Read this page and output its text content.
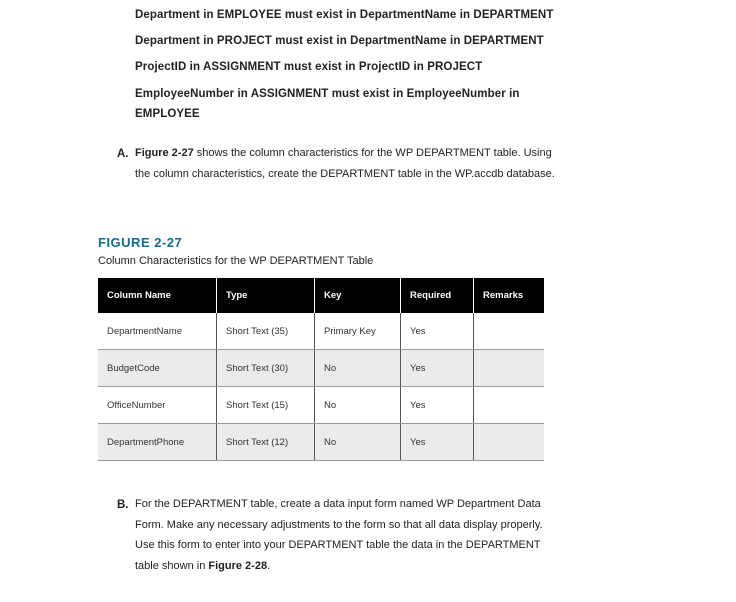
Department in EMPLOYEE must exist in DepartmentName in DEPARTMENT
Department in PROJECT must exist in DepartmentName in DEPARTMENT
ProjectID in ASSIGNMENT must exist in ProjectID in PROJECT
EmployeeNumber in ASSIGNMENT must exist in EmployeeNumber in EMPLOYEE
A. Figure 2-27 shows the column characteristics for the WP DEPARTMENT table. Using the column characteristics, create the DEPARTMENT table in the WP.accdb database.
FIGURE 2-27
Column Characteristics for the WP DEPARTMENT Table
Column Name	Type	Key	Required	Remarks
DepartmentName	Short Text (35)	Primary Key	Yes	
BudgetCode	Short Text (30)	No	Yes	
OfficeNumber	Short Text (15)	No	Yes	
DepartmentPhone	Short Text (12)	No	Yes	
B. For the DEPARTMENT table, create a data input form named WP Department Data Form. Make any necessary adjustments to the form so that all data display properly. Use this form to enter into your DEPARTMENT table the data in the DEPARTMENT table shown in Figure 2-28.
